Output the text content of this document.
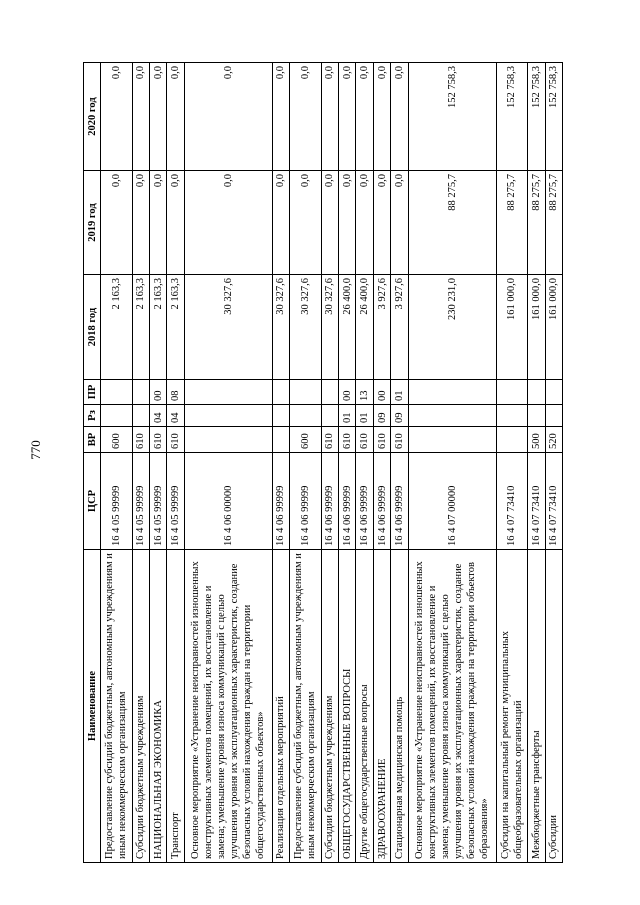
770
Наименование	ЦСР	ВР	Рз	ПР	2018 год	2019 год	2020 год
Предоставление субсидий бюджетным, автономным учреждениям и иным некоммерческим организациям	16 4 05 99999	600			2 163,3	0,0	0,0
Субсидии бюджетным учреждениям	16 4 05 99999	610			2 163,3	0,0	0,0
НАЦИОНАЛЬНАЯ ЭКОНОМИКА	16 4 05 99999	610	04	00	2 163,3	0,0	0,0
Транспорт	16 4 05 99999	610	04	08	2 163,3	0,0	0,0
Основное мероприятие «Устранение неисправностей изношенных конструктивных элементов помещений, их восстановление и замена; уменьшение уровня износа коммуникаций с целью улучшения уровня их эксплуатационных характеристик, создание безопасных условий нахождения граждан на территории общегосударственных объектов»	16 4 06 00000				30 327,6	0,0	0,0
Реализация отдельных мероприятий	16 4 06 99999				30 327,6	0,0	0,0
Предоставление субсидий бюджетным, автономным учреждениям и иным некоммерческим организациям	16 4 06 99999	600			30 327,6	0,0	0,0
Субсидии бюджетным учреждениям	16 4 06 99999	610			30 327,6	0,0	0,0
ОБЩЕГОСУДАРСТВЕННЫЕ ВОПРОСЫ	16 4 06 99999	610	01	00	26 400,0	0,0	0,0
Другие общегосударственные вопросы	16 4 06 99999	610	01	13	26 400,0	0,0	0,0
ЗДРАВООХРАНЕНИЕ	16 4 06 99999	610	09	00	3 927,6	0,0	0,0
Стационарная медицинская помощь	16 4 06 99999	610	09	01	3 927,6	0,0	0,0
Основное мероприятие «Устранение неисправностей изношенных конструктивных элементов помещений, их восстановление и замена; уменьшение уровня износа коммуникаций с целью улучшения уровня их эксплуатационных характеристик, создание безопасных условий нахождения граждан на территории объектов образования»	16 4 07 00000				230 231,0	88 275,7	152 758,3
Субсидии на капитальный ремонт муниципальных общеобразовательных организаций	16 4 07 73410				161 000,0	88 275,7	152 758,3
Межбюджетные трансферты	16 4 07 73410	500			161 000,0	88 275,7	152 758,3
Субсидии	16 4 07 73410	520			161 000,0	88 275,7	152 758,3
